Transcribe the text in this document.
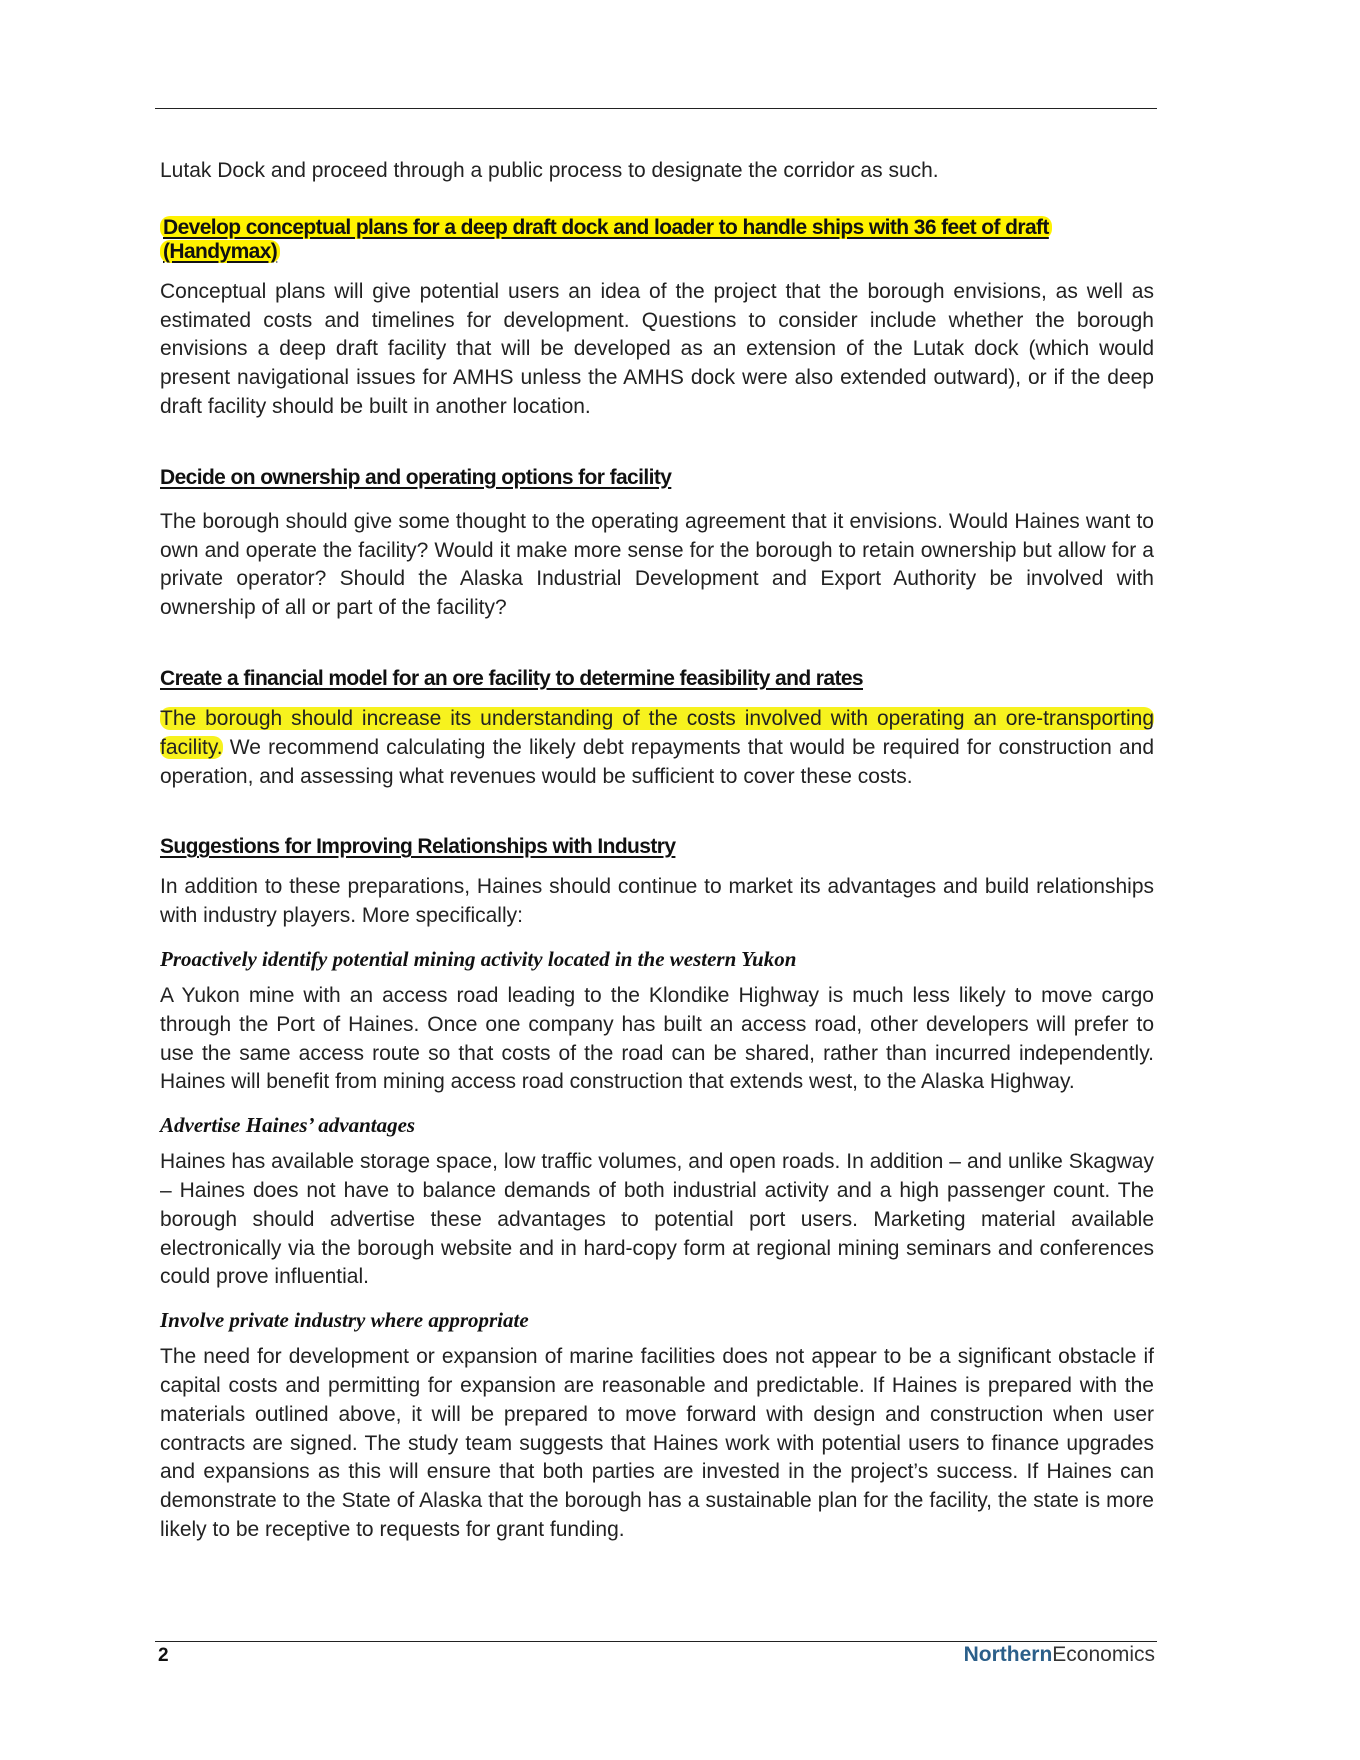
Lutak Dock and proceed through a public process to designate the corridor as such.

Develop conceptual plans for a deep draft dock and loader to handle ships with 36 feet of draft (Handymax)

Conceptual plans will give potential users an idea of the project that the borough envisions, as well as estimated costs and timelines for development. Questions to consider include whether the borough envisions a deep draft facility that will be developed as an extension of the Lutak dock (which would present navigational issues for AMHS unless the AMHS dock were also extended outward), or if the deep draft facility should be built in another location.

Decide on ownership and operating options for facility

The borough should give some thought to the operating agreement that it envisions. Would Haines want to own and operate the facility? Would it make more sense for the borough to retain ownership but allow for a private operator? Should the Alaska Industrial Development and Export Authority be involved with ownership of all or part of the facility?

Create a financial model for an ore facility to determine feasibility and rates

The borough should increase its understanding of the costs involved with operating an ore-transporting facility. We recommend calculating the likely debt repayments that would be required for construction and operation, and assessing what revenues would be sufficient to cover these costs.

Suggestions for Improving Relationships with Industry

In addition to these preparations, Haines should continue to market its advantages and build relationships with industry players. More specifically:

Proactively identify potential mining activity located in the western Yukon

A Yukon mine with an access road leading to the Klondike Highway is much less likely to move cargo through the Port of Haines. Once one company has built an access road, other developers will prefer to use the same access route so that costs of the road can be shared, rather than incurred independently. Haines will benefit from mining access road construction that extends west, to the Alaska Highway.

Advertise Haines’ advantages

Haines has available storage space, low traffic volumes, and open roads. In addition – and unlike Skagway – Haines does not have to balance demands of both industrial activity and a high passenger count. The borough should advertise these advantages to potential port users. Marketing material available electronically via the borough website and in hard-copy form at regional mining seminars and conferences could prove influential.

Involve private industry where appropriate

The need for development or expansion of marine facilities does not appear to be a significant obstacle if capital costs and permitting for expansion are reasonable and predictable. If Haines is prepared with the materials outlined above, it will be prepared to move forward with design and construction when user contracts are signed. The study team suggests that Haines work with potential users to finance upgrades and expansions as this will ensure that both parties are invested in the project’s success. If Haines can demonstrate to the State of Alaska that the borough has a sustainable plan for the facility, the state is more likely to be receptive to requests for grant funding.

2	NorthernEconomics
